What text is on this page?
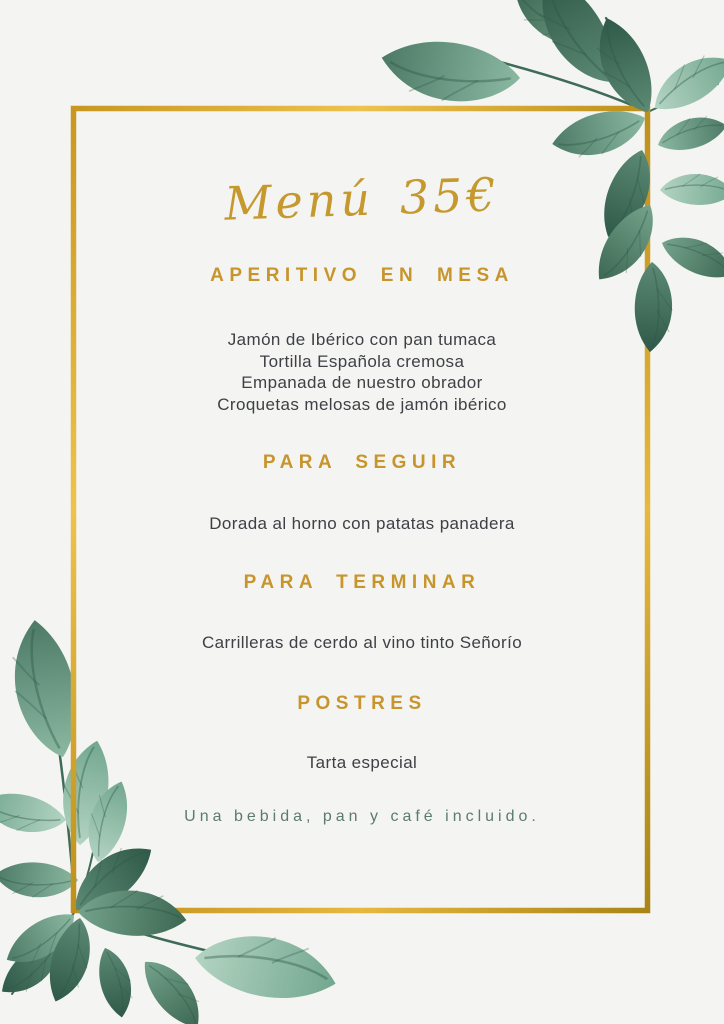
Menú 35€
APERITIVO EN MESA
Jamón de Ibérico con pan tumaca
Tortilla Española cremosa
Empanada de nuestro obrador
Croquetas melosas de jamón ibérico
PARA SEGUIR
Dorada al horno con patatas panadera
PARA TERMINAR
Carrilleras de cerdo al vino tinto Señorío
POSTRES
Tarta especial
Una bebida, pan y café incluido.
